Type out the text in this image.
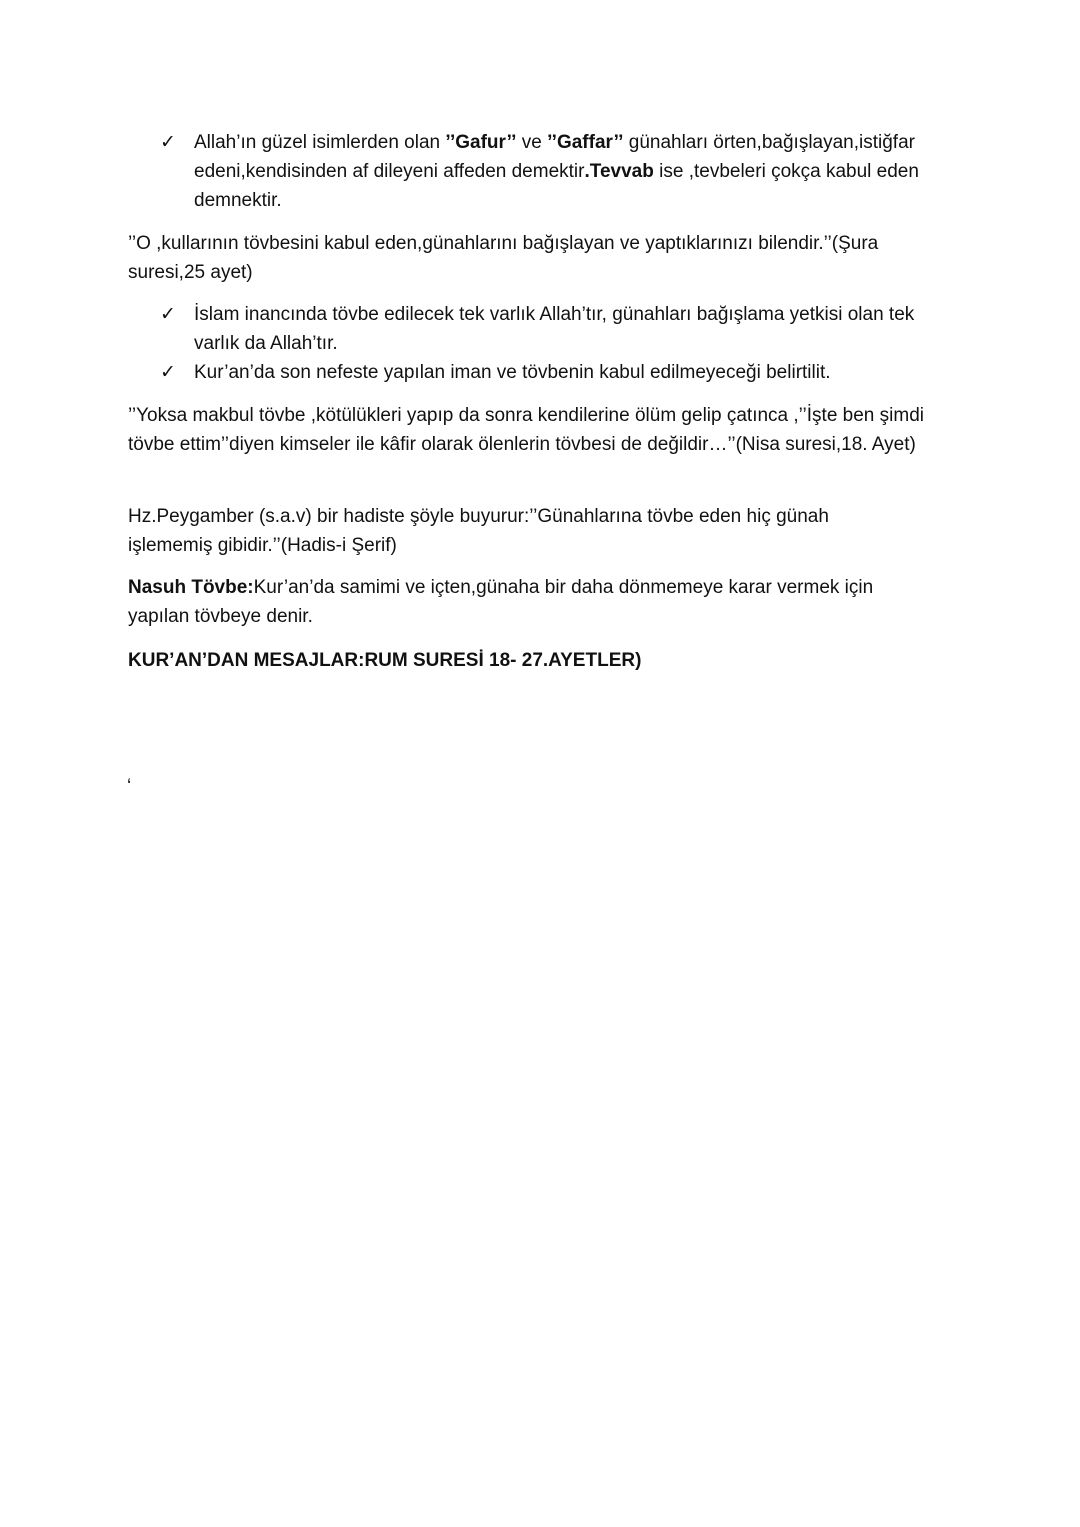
✓ Allah’ın güzel isimlerden olan ’’Gafur’’ ve ’’Gaffar’’ günahları örten,bağışlayan,istiğfar edeni,kendisinden af dileyeni affeden demektir.Tevvab ise ,tevbeleri çokça kabul eden demnektir.

’’O ,kullarının tövbesini kabul eden,günahlarını bağışlayan ve yaptıklarınızı bilendir.’’(Şura suresi,25 ayet)

✓ İslam inancında tövbe edilecek tek varlık Allah’tır, günahları bağışlama yetkisi olan tek varlık da Allah’tır.
✓ Kur’an’da son nefeste yapılan iman ve tövbenin kabul edilmeyeceği belirtilit.

’’Yoksa makbul tövbe ,kötülükleri yapıp da sonra kendilerine ölüm gelip çatınca ,’’İşte ben şimdi tövbe ettim’’diyen kimseler ile kâfir olarak ölenlerin tövbesi de değildir…’’(Nisa suresi,18. Ayet)

Hz.Peygamber (s.a.v) bir hadiste şöyle buyurur:’’Günahlarına tövbe eden hiç günah işlememiş gibidir.’’(Hadis-i Şerif)

Nasuh Tövbe:Kur’an’da samimi ve içten,günaha bir daha dönmemeye karar vermek için yapılan tövbeye denir.

KUR’AN’DAN MESAJLAR:RUM SURESİ 18- 27.AYETLER)

‘
